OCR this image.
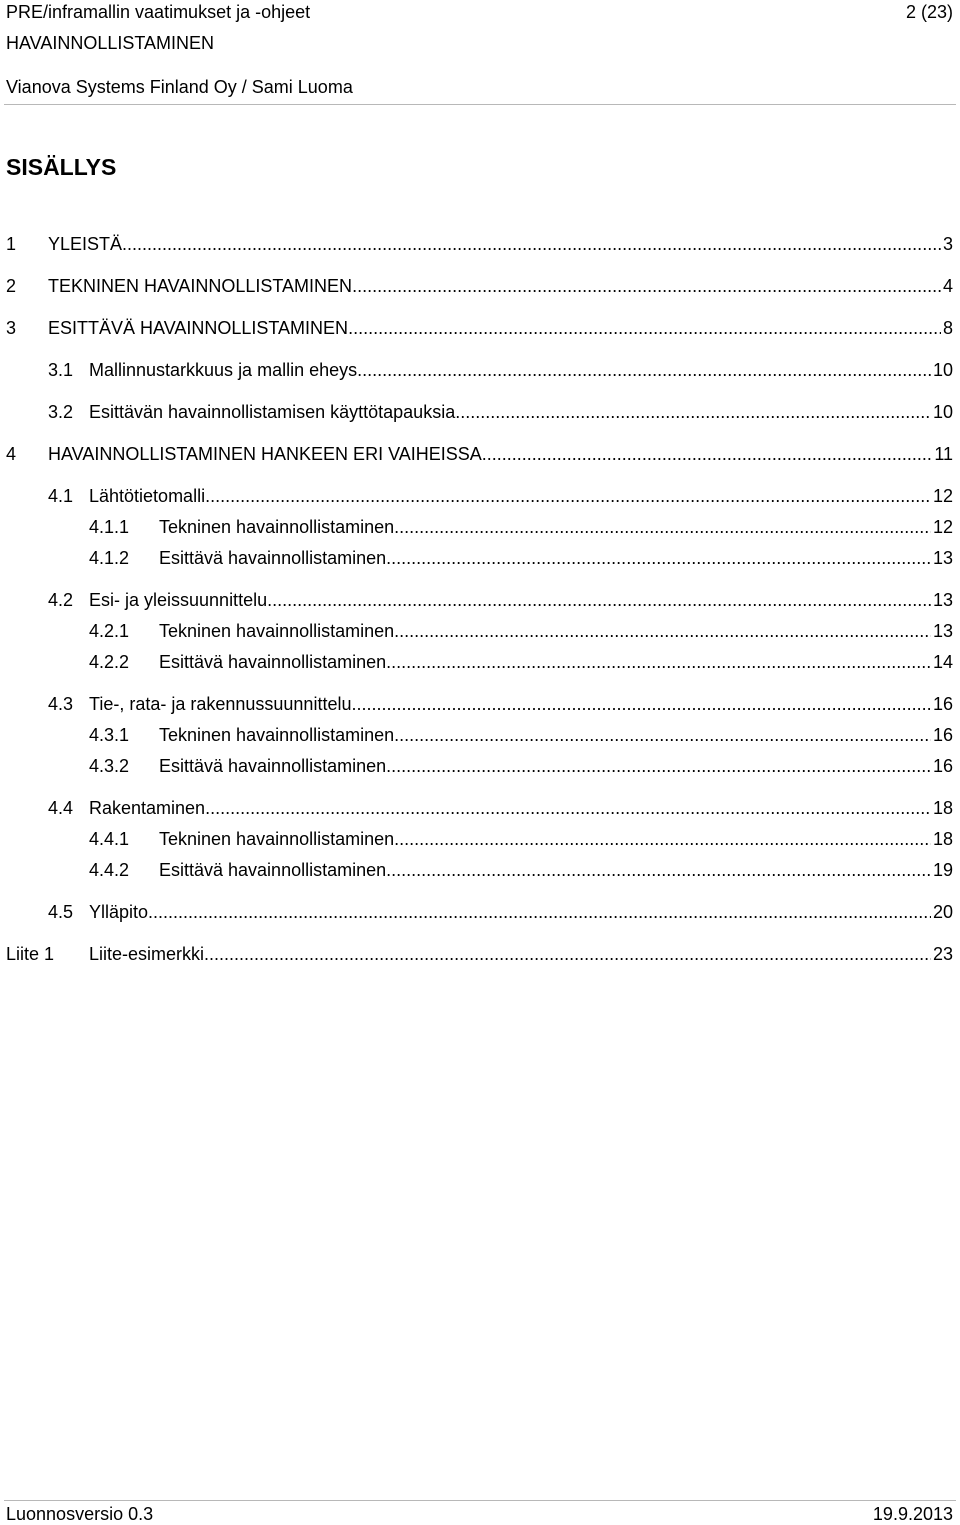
PRE/inframallin vaatimukset ja -ohjeet	2 (23)
HAVAINNOLLISTAMINEN
Vianova Systems Finland Oy / Sami Luoma
SISÄLLYS
1 YLEISTÄ .....	3
2 TEKNINEN HAVAINNOLLISTAMINEN .....	4
3 ESITTÄVÄ HAVAINNOLLISTAMINEN .....	8
3.1 Mallinnustarkkuus ja mallin eheys .....	10
3.2 Esittävän havainnollistamisen käyttötapauksia .....	10
4 HAVAINNOLLISTAMINEN HANKEEN ERI VAIHEISSA .....	11
4.1 Lähtötietomalli .....	12
4.1.1 Tekninen havainnollistaminen .....	12
4.1.2 Esittävä havainnollistaminen .....	13
4.2 Esi- ja yleissuunnittelu .....	13
4.2.1 Tekninen havainnollistaminen .....	13
4.2.2 Esittävä havainnollistaminen .....	14
4.3 Tie-, rata- ja rakennussuunnittelu .....	16
4.3.1 Tekninen havainnollistaminen .....	16
4.3.2 Esittävä havainnollistaminen .....	16
4.4 Rakentaminen .....	18
4.4.1 Tekninen havainnollistaminen .....	18
4.4.2 Esittävä havainnollistaminen .....	19
4.5 Ylläpito .....	20
Liite 1 Liite-esimerkki .....	23
Luonnosversio 0.3	19.9.2013
